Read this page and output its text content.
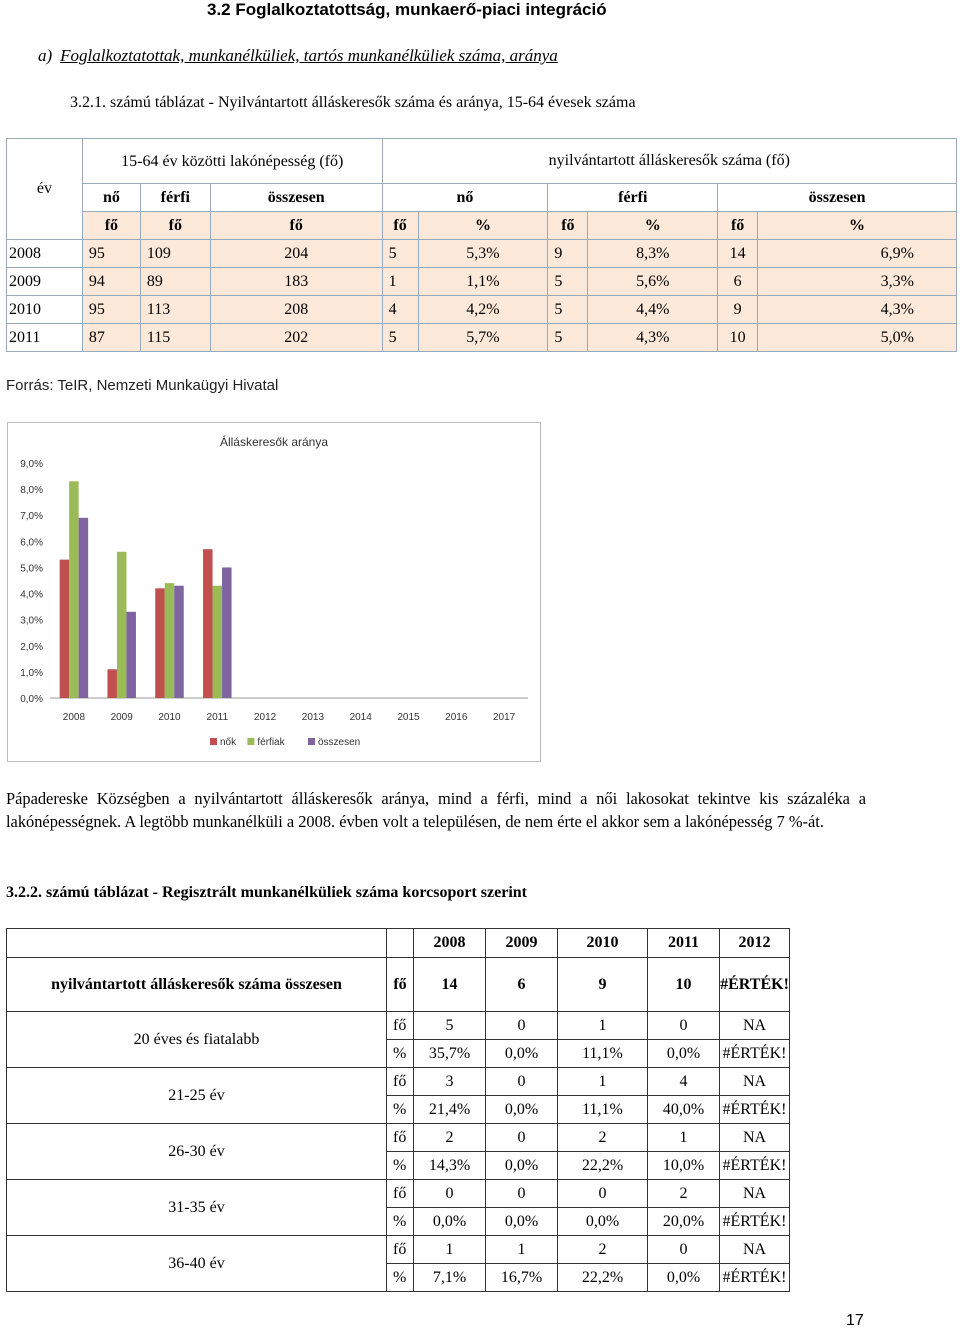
3.2 Foglalkoztatottság, munkaerő-piaci integráció
a) Foglalkoztatottak, munkanélküliek, tartós munkanélküliek száma, aránya
3.2.1. számú táblázat - Nyilvántartott álláskeresők száma és aránya, 15-64 évesek száma
év	15-64 év közötti lakónépesség (fő)			nyilvántartott álláskeresők száma (fő)					
	nő	férfi	összesen	nő		férfi		összesen	
	fő	fő	fő	fő	%	fő	%	fő	%
2008	95	109	204	5	5,3%	9	8,3%	14	6,9%
2009	94	89	183	1	1,1%	5	5,6%	6	3,3%
2010	95	113	208	4	4,2%	5	4,4%	9	4,3%
2011	87	115	202	5	5,7%	5	4,3%	10	5,0%
Forrás: TeIR, Nemzeti Munkaügyi Hivatal
Álláskeresők aránya
0,0%
1,0%
2,0%
3,0%
4,0%
5,0%
6,0%
7,0%
8,0%
9,0%
2008	2009	2010	2011	2012	2013	2014	2015	2016	2017
nők férfiak	összesen
Pápadereske Községben a nyilvántartott álláskeresők aránya, mind a férfi, mind a női lakosokat tekintve kis százaléka a lakónépességnek. A legtöbb munkanélküli a 2008. évben volt a településen, de nem érte el akkor sem a lakónépesség 7 %-át.
3.2.2. számú táblázat - Regisztrált munkanélküliek száma korcsoport szerint
		2008	2009	2010	2011	2012
nyilvántartott álláskeresők száma összesen	fő	14	6	9	10	#ÉRTÉK!
20 éves és fiatalabb	fő	5	0	1	0	NA
	%	35,7%	0,0%	11,1%	0,0%	#ÉRTÉK!
21-25 év	fő	3	0	1	4	NA
	%	21,4%	0,0%	11,1%	40,0%	#ÉRTÉK!
26-30 év	fő	2	0	2	1	NA
	%	14,3%	0,0%	22,2%	10,0%	#ÉRTÉK!
31-35 év	fő	0	0	0	2	NA
	%	0,0%	0,0%	0,0%	20,0%	#ÉRTÉK!
36-40 év	fő	1	1	2	0	NA
	%	7,1%	16,7%	22,2%	0,0%	#ÉRTÉK!
17
